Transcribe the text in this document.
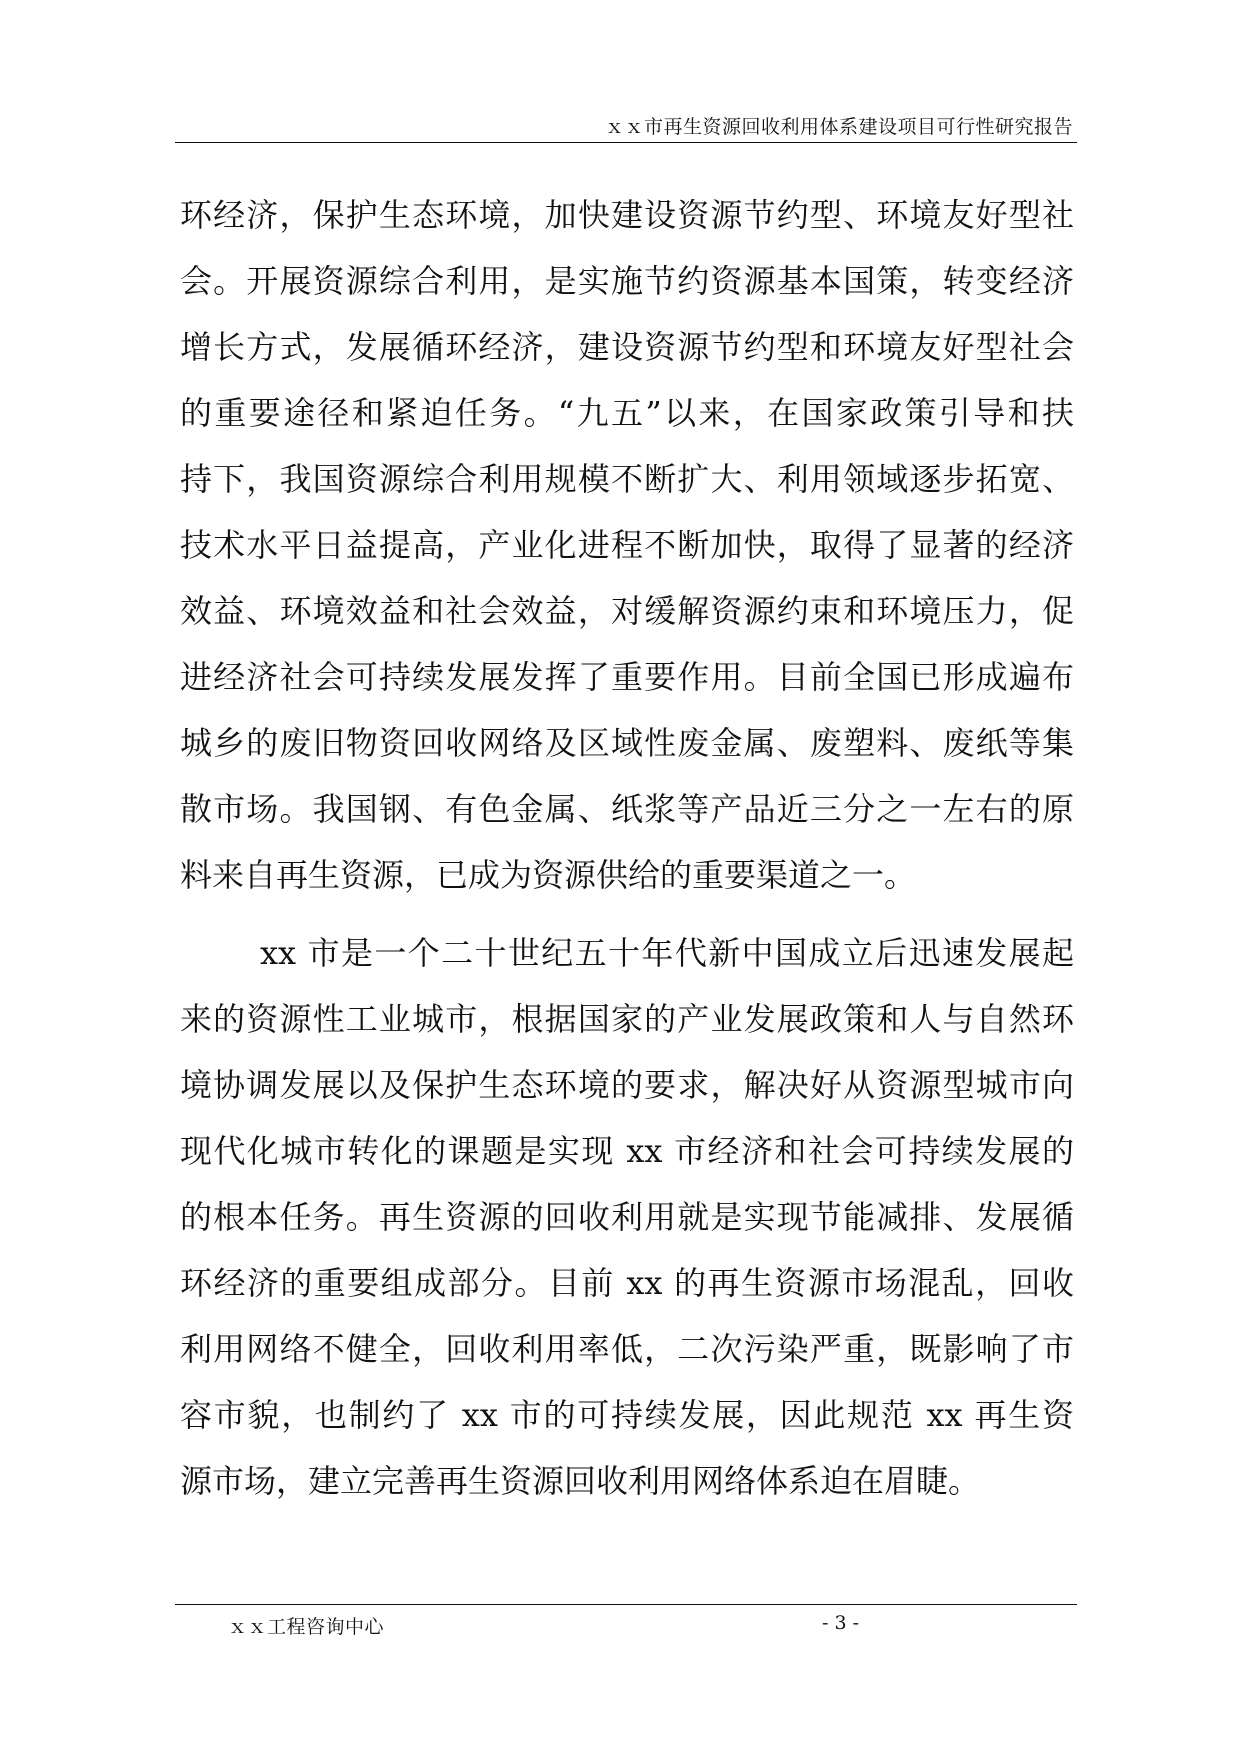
ｘｘ市再生资源回收利用体系建设项目可行性研究报告
环经济，保护生态环境，加快建设资源节约型、环境友好型社
会。开展资源综合利用，是实施节约资源基本国策，转变经济
增长方式，发展循环经济，建设资源节约型和环境友好型社会
的重要途径和紧迫任务。“九五”以来，在国家政策引导和扶
持下，我国资源综合利用规模不断扩大、利用领域逐步拓宽、
技术水平日益提高，产业化进程不断加快，取得了显著的经济
效益、环境效益和社会效益，对缓解资源约束和环境压力，促
进经济社会可持续发展发挥了重要作用。目前全国已形成遍布
城乡的废旧物资回收网络及区域性废金属、废塑料、废纸等集
散市场。我国钢、有色金属、纸浆等产品近三分之一左右的原
料来自再生资源，已成为资源供给的重要渠道之一。
xx 市是一个二十世纪五十年代新中国成立后迅速发展起
来的资源性工业城市，根据国家的产业发展政策和人与自然环
境协调发展以及保护生态环境的要求，解决好从资源型城市向
现代化城市转化的课题是实现 xx 市经济和社会可持续发展的
的根本任务。再生资源的回收利用就是实现节能减排、发展循
环经济的重要组成部分。目前 xx 的再生资源市场混乱，回收
利用网络不健全，回收利用率低，二次污染严重，既影响了市
容市貌，也制约了 xx 市的可持续发展，因此规范 xx 再生资
源市场，建立完善再生资源回收利用网络体系迫在眉睫。
ｘｘ工程咨询中心	- 3 -
